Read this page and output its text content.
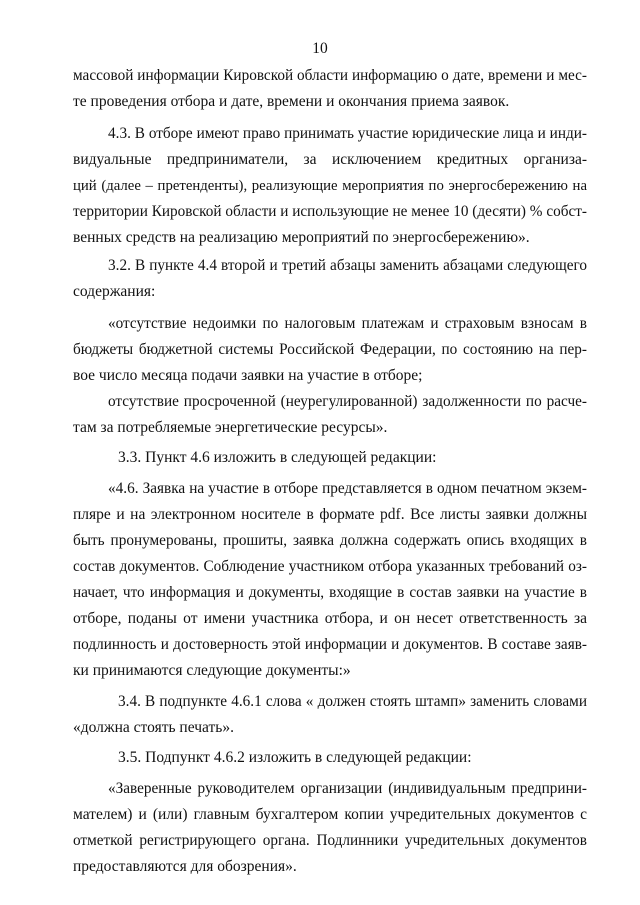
10
массовой информации Кировской области информацию о дате, времени и мес-
те проведения отбора и дате, времени и окончания приема заявок.
4.3. В отборе имеют право принимать участие юридические лица и инди-
видуальные предприниматели, за исключением кредитных организа-
ций (далее – претенденты), реализующие мероприятия по энергосбережению на
территории Кировской области и использующие не менее 10 (десяти) % собст-
венных средств на реализацию мероприятий по энергосбережению».
3.2. В пункте 4.4 второй и третий абзацы заменить абзацами следующего
содержания:
«отсутствие недоимки по налоговым платежам и страховым взносам в
бюджеты бюджетной системы Российской Федерации, по состоянию на пер-
вое число месяца подачи заявки на участие в отборе;
отсутствие просроченной (неурегулированной) задолженности по расче-
там за потребляемые энергетические ресурсы».
3.3. Пункт 4.6 изложить в следующей редакции:
«4.6. Заявка на участие в отборе представляется в одном печатном экзем-
пляре и на электронном носителе в формате pdf. Все листы заявки должны
быть пронумерованы, прошиты, заявка должна содержать опись входящих в
состав документов. Соблюдение участником отбора указанных требований оз-
начает, что информация и документы, входящие в состав заявки на участие в
отборе, поданы от имени участника отбора, и он несет ответственность за
подлинность и достоверность этой информации и документов. В составе заяв-
ки принимаются следующие документы:»
3.4. В подпункте 4.6.1 слова « должен стоять штамп» заменить словами
«должна стоять печать».
3.5. Подпункт 4.6.2 изложить в следующей редакции:
«Заверенные руководителем организации (индивидуальным предприни-
мателем) и (или) главным бухгалтером копии учредительных документов с
отметкой регистрирующего органа. Подлинники учредительных документов
предоставляются для обозрения».
